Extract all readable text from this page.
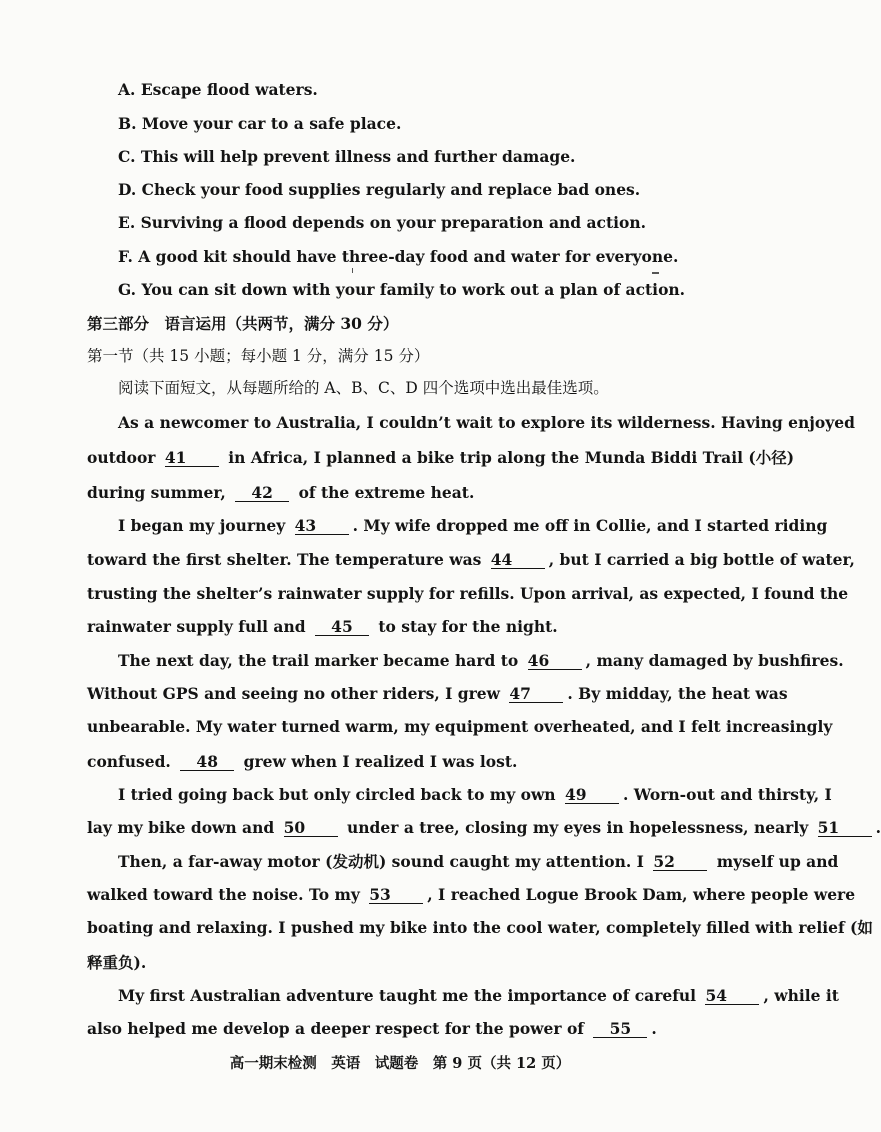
A. Escape flood waters.
B. Move your car to a safe place.
C. This will help prevent illness and further damage.
D. Check your food supplies regularly and replace bad ones.
E. Surviving a flood depends on your preparation and action.
F. A good kit should have three-day food and water for everyone.
G. You can sit down with your family to work out a plan of action.
第三部分　语言运用（共两节，满分 30 分）
第一节（共 15 小题；每小题 1 分，满分 15 分）
阅读下面短文，从每题所给的 A、B、C、D 四个选项中选出最佳选项。
As a newcomer to Australia, I couldn’t wait to explore its wilderness. Having enjoyed
outdoor 41	in Africa, I planned a bike trip along the Munda Biddi Trail (小径)
during summer, 42 of the extreme heat.
I began my journey 43 . My wife dropped me off in Collie, and I started riding
toward the first shelter. The temperature was 44 , but I carried a big bottle of water,
trusting the shelter’s rainwater supply for refills. Upon arrival, as expected, I found the
rainwater supply full and 45 to stay for the night.
The next day, the trail marker became hard to 46 , many damaged by bushfires.
Without GPS and seeing no other riders, I grew 47 . By midday, the heat was
unbearable. My water turned warm, my equipment overheated, and I felt increasingly
confused. 48 grew when I realized I was lost.
I tried going back but only circled back to my own 49 . Worn-out and thirsty, I
lay my bike down and 50	under a tree, closing my eyes in hopelessness, nearly 51 .
Then, a far-away motor (发动机) sound caught my attention. I 52	myself up and
walked toward the noise. To my 53 , I reached Logue Brook Dam, where people were
boating and relaxing. I pushed my bike into the cool water, completely filled with relief (如
释重负).
My first Australian adventure taught me the importance of careful 54 , while it
also helped me develop a deeper respect for the power of 55 .
高一期末检测　英语　试题卷　第 9 页（共 12 页）
